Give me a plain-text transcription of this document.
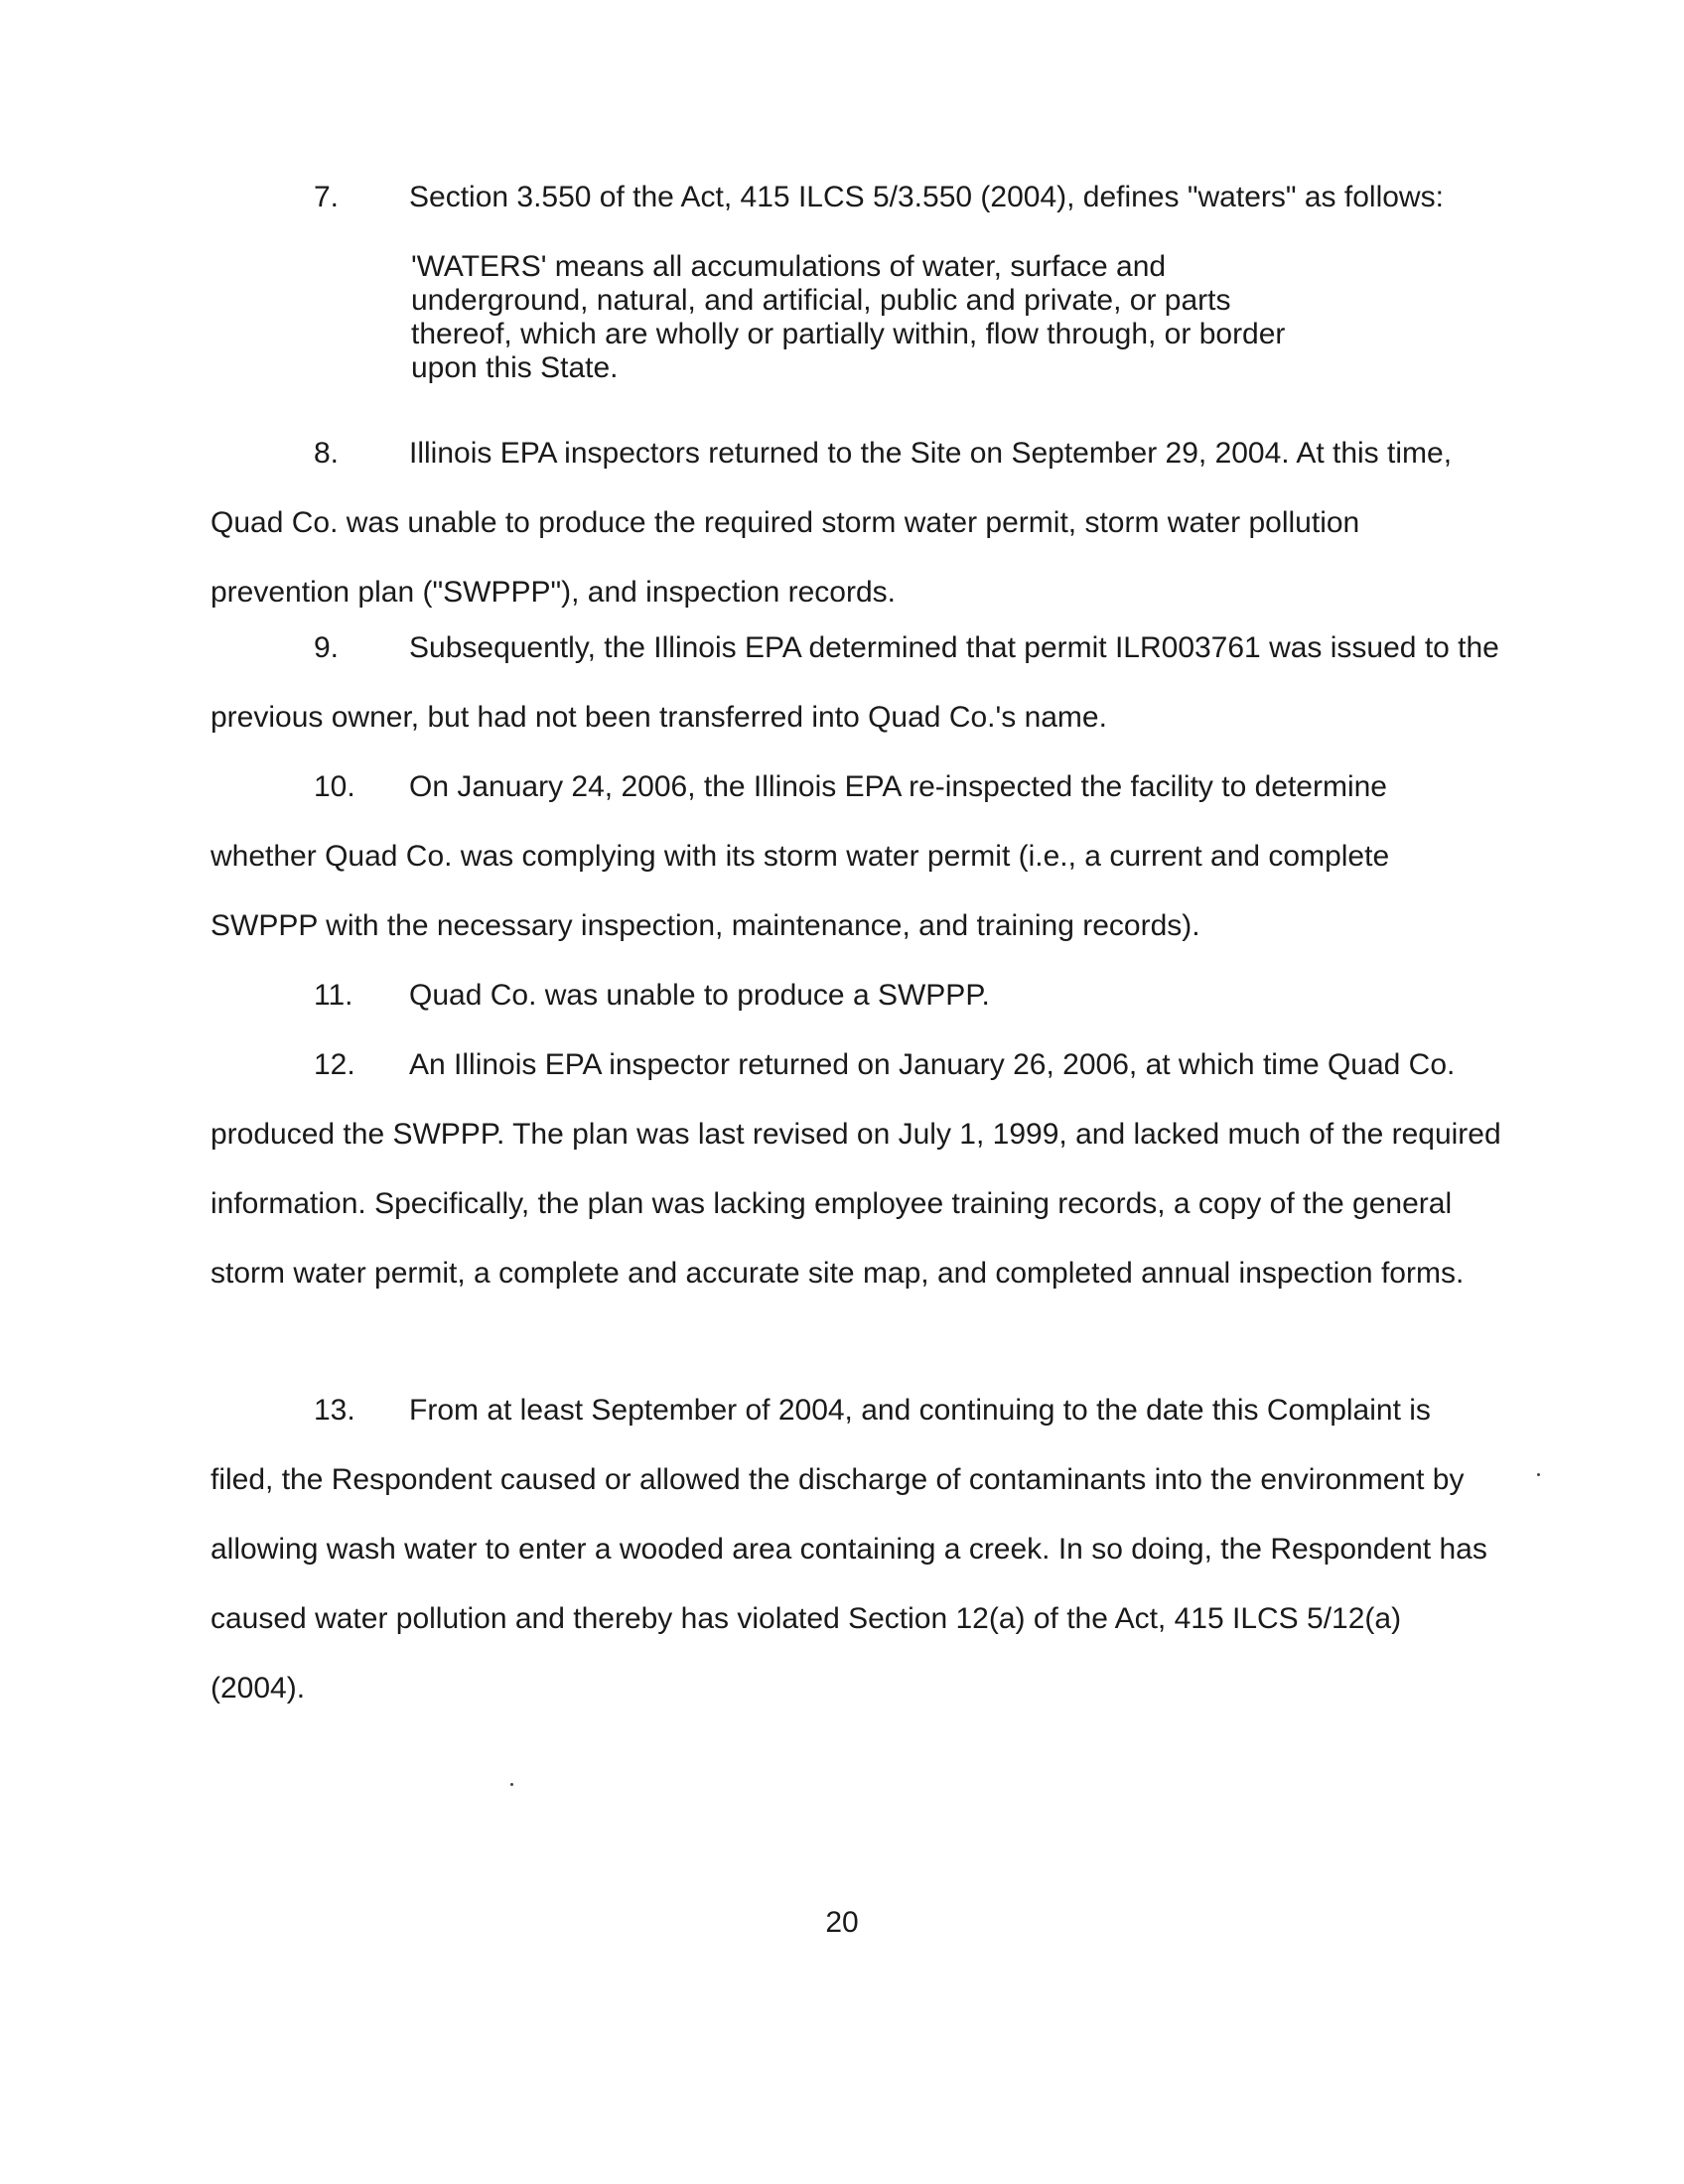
7. Section 3.550 of the Act, 415 ILCS 5/3.550 (2004), defines "waters" as follows:

'WATERS' means all accumulations of water, surface and underground, natural, and artificial, public and private, or parts thereof, which are wholly or partially within, flow through, or border upon this State.

8. Illinois EPA inspectors returned to the Site on September 29, 2004. At this time, Quad Co. was unable to produce the required storm water permit, storm water pollution prevention plan ("SWPPP"), and inspection records.

9. Subsequently, the Illinois EPA determined that permit ILR003761 was issued to the previous owner, but had not been transferred into Quad Co.'s name.

10. On January 24, 2006, the Illinois EPA re-inspected the facility to determine whether Quad Co. was complying with its storm water permit (i.e., a current and complete SWPPP with the necessary inspection, maintenance, and training records).

11. Quad Co. was unable to produce a SWPPP.

12. An Illinois EPA inspector returned on January 26, 2006, at which time Quad Co. produced the SWPPP. The plan was last revised on July 1, 1999, and lacked much of the required information. Specifically, the plan was lacking employee training records, a copy of the general storm water permit, a complete and accurate site map, and completed annual inspection forms.

13. From at least September of 2004, and continuing to the date this Complaint is filed, the Respondent caused or allowed the discharge of contaminants into the environment by allowing wash water to enter a wooded area containing a creek. In so doing, the Respondent has caused water pollution and thereby has violated Section 12(a) of the Act, 415 ILCS 5/12(a) (2004).

20
